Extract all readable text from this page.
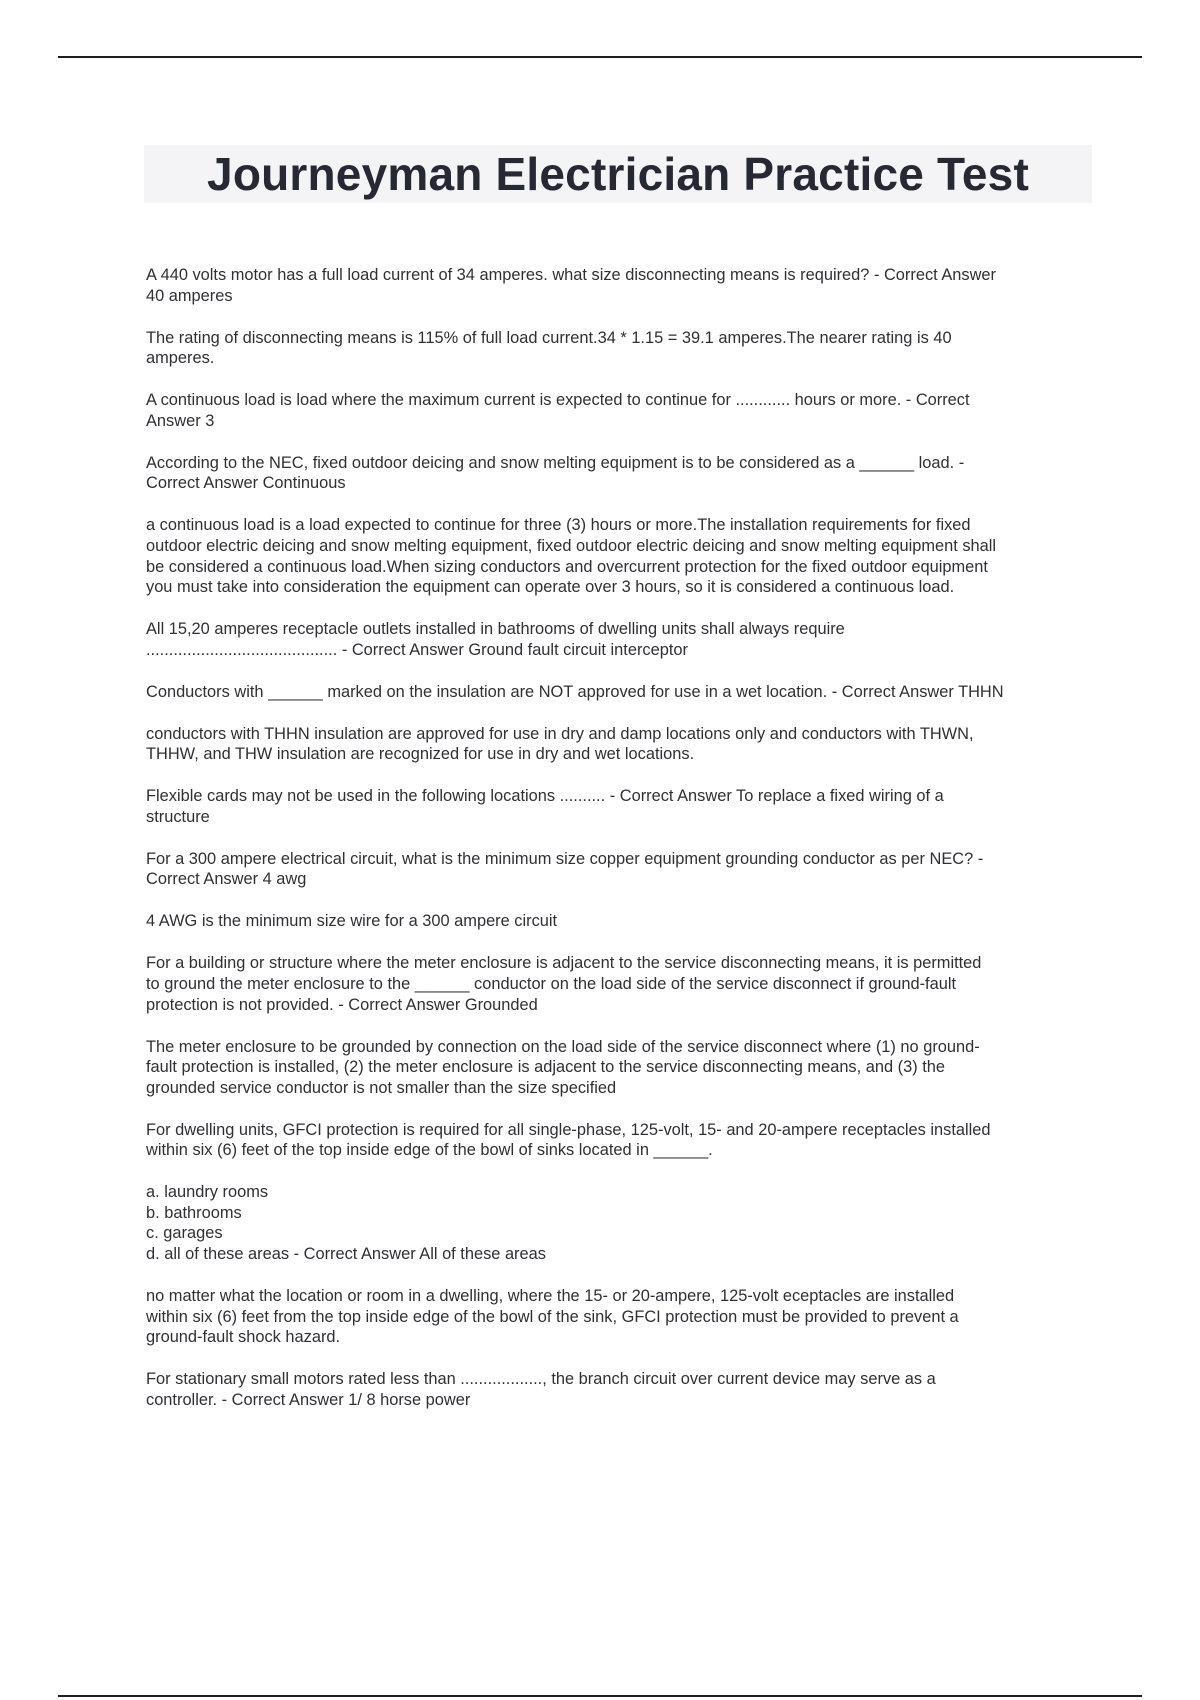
Journeyman Electrician Practice Test

A 440 volts motor has a full load current of 34 amperes. what size disconnecting means is required? - Correct Answer
40 amperes

The rating of disconnecting means is 115% of full load current.34 * 1.15 = 39.1 amperes.The nearer rating is 40
amperes.

A continuous load is load where the maximum current is expected to continue for ............ hours or more. - Correct
Answer 3

According to the NEC, fixed outdoor deicing and snow melting equipment is to be considered as a ______ load. -
Correct Answer Continuous

a continuous load is a load expected to continue for three (3) hours or more.The installation requirements for fixed
outdoor electric deicing and snow melting equipment, fixed outdoor electric deicing and snow melting equipment shall
be considered a continuous load.When sizing conductors and overcurrent protection for the fixed outdoor equipment
you must take into consideration the equipment can operate over 3 hours, so it is considered a continuous load.

All 15,20 amperes receptacle outlets installed in bathrooms of dwelling units shall always require
.......................................... - Correct Answer Ground fault circuit interceptor

Conductors with ______ marked on the insulation are NOT approved for use in a wet location. - Correct Answer THHN

conductors with THHN insulation are approved for use in dry and damp locations only and conductors with THWN,
THHW, and THW insulation are recognized for use in dry and wet locations.

Flexible cards may not be used in the following locations .......... - Correct Answer To replace a fixed wiring of a
structure

For a 300 ampere electrical circuit, what is the minimum size copper equipment grounding conductor as per NEC? -
Correct Answer 4 awg

4 AWG is the minimum size wire for a 300 ampere circuit

For a building or structure where the meter enclosure is adjacent to the service disconnecting means, it is permitted
to ground the meter enclosure to the ______ conductor on the load side of the service disconnect if ground-fault
protection is not provided. - Correct Answer Grounded

The meter enclosure to be grounded by connection on the load side of the service disconnect where (1) no ground-
fault protection is installed, (2) the meter enclosure is adjacent to the service disconnecting means, and (3) the
grounded service conductor is not smaller than the size specified

For dwelling units, GFCI protection is required for all single-phase, 125-volt, 15- and 20-ampere receptacles installed
within six (6) feet of the top inside edge of the bowl of sinks located in ______.

a. laundry rooms
b. bathrooms
c. garages
d. all of these areas - Correct Answer All of these areas

no matter what the location or room in a dwelling, where the 15- or 20-ampere, 125-volt eceptacles are installed
within six (6) feet from the top inside edge of the bowl of the sink, GFCI protection must be provided to prevent a
ground-fault shock hazard.

For stationary small motors rated less than .................., the branch circuit over current device may serve as a
controller. - Correct Answer 1/ 8 horse power
